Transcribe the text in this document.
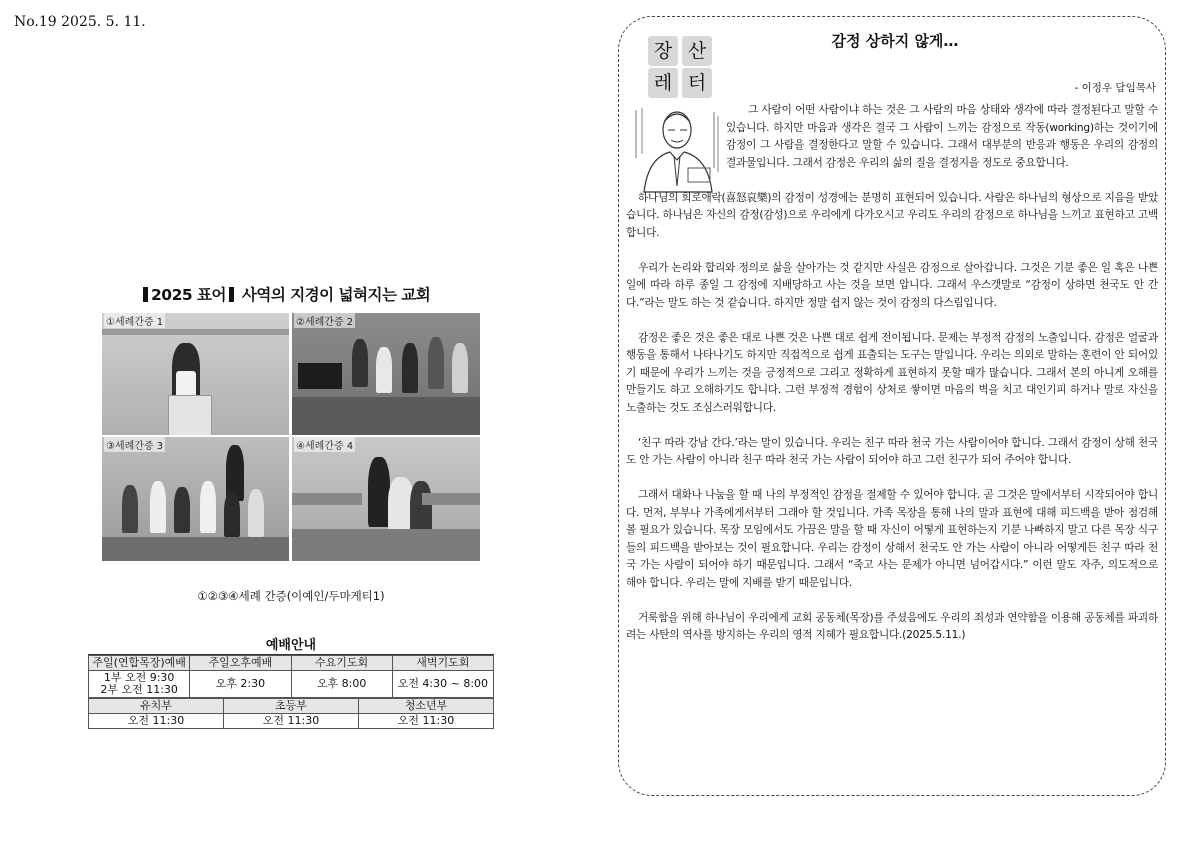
No.19 2025. 5. 11.
2025 표어 사역의 지경이 넓혀지는 교회
①세례간증 1	②세례간증 2
③세례간증 3	④세례간증 4
①②③④세례 간증(이예인/두마게티1)
예배안내
주일(연합목장)예배	주일오후예배	수요기도회	새벽기도회

1부 오전 9:30
2부 오전 11:30	오후 2:30	오후 8:00	오전 4:30 ~ 8:00
유치부	초등부	청소년부
오전 11:30	오전 11:30	오전 11:30
장 산
레 터
감정 상하지 않게…
- 이정우 담임목사

그 사람이 어떤 사람이냐 하는 것은 그 사람의 마음 상태와 생각에 따라 결정된다고 말할 수 있습니다. 하지만 마음과 생각은 결국 그 사람이 느끼는 감정으로 작동(working)하는 것이기에 감정이 그 사람을 결정한다고 말할 수 있습니다. 그래서 대부분의 반응과 행동은 우리의 감정의 결과물입니다. 그래서 감정은 우리의 삶의 질을 결정지을 정도로 중요합니다.

하나님의 희로애락(喜怒哀樂)의 감정이 성경에는 분명히 표현되어 있습니다. 사람은 하나님의 형상으로 지음을 받았습니다. 하나님은 자신의 감정(감성)으로 우리에게 다가오시고 우리도 우리의 감정으로 하나님을 느끼고 표현하고 고백합니다.

우리가 논리와 합리와 정의로 삶을 살아가는 것 같지만 사실은 감정으로 살아갑니다. 그것은 기분 좋은 일 혹은 나쁜 일에 따라 하루 종일 그 감정에 지배당하고 사는 것을 보면 압니다. 그래서 우스갯말로 “감정이 상하면 천국도 안 간다.”라는 말도 하는 것 같습니다. 하지만 정말 쉽지 않는 것이 감정의 다스림입니다.

감정은 좋은 것은 좋은 대로 나쁜 것은 나쁜 대로 쉽게 전이됩니다. 문제는 부정적 감정의 노출입니다. 감정은 얼굴과 행동을 통해서 나타나기도 하지만 직접적으로 쉽게 표출되는 도구는 말입니다. 우리는 의외로 말하는 훈련이 안 되어있기 때문에 우리가 느끼는 것을 긍정적으로 그리고 정확하게 표현하지 못할 때가 많습니다. 그래서 본의 아니게 오해를 만들기도 하고 오해하기도 합니다. 그런 부정적 경험이 상처로 쌓이면 마음의 벽을 치고 대인기피 하거나 말로 자신을 노출하는 것도 조심스러워합니다.

‘친구 따라 강남 간다.’라는 말이 있습니다. 우리는 친구 따라 천국 가는 사람이어야 합니다. 그래서 감정이 상해 천국도 안 가는 사람이 아니라 친구 따라 천국 가는 사람이 되어야 하고 그런 친구가 되어 주어야 합니다.

그래서 대화나 나눔을 할 때 나의 부정적인 감정을 절제할 수 있어야 합니다. 곧 그것은 말에서부터 시작되어야 합니다. 먼저, 부부나 가족에게서부터 그래야 할 것입니다. 가족 목장을 통해 나의 말과 표현에 대해 피드백을 받아 점검해 볼 필요가 있습니다. 목장 모임에서도 가끔은 말을 할 때 자신이 어떻게 표현하는지 기분 나빠하지 말고 다른 목장 식구들의 피드백을 받아보는 것이 필요합니다. 우리는 감정이 상해서 천국도 안 가는 사람이 아니라 어떻게든 친구 따라 천국 가는 사람이 되어야 하기 때문입니다. 그래서 “죽고 사는 문제가 아니면 넘어갑시다.” 이런 말도 자주, 의도적으로 해야 합니다. 우리는 말에 지배를 받기 때문입니다.

거룩함을 위해 하나님이 우리에게 교회 공동체(목장)를 주셨음에도 우리의 죄성과 연약함을 이용해 공동체를 파괴하려는 사탄의 역사를 방지하는 우리의 영적 지혜가 필요합니다.(2025.5.11.)
